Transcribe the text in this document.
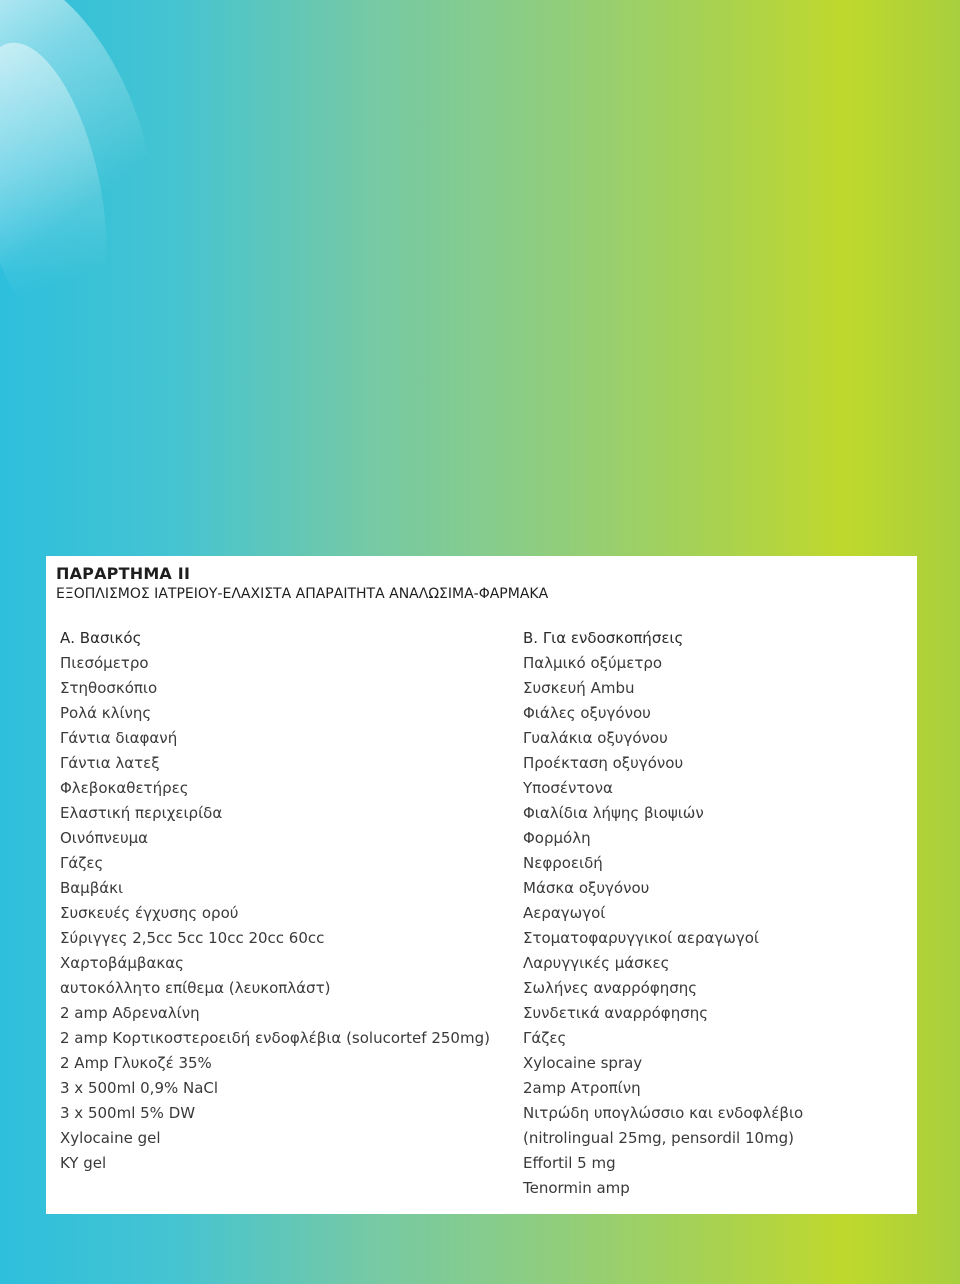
ΠΑΡΑΡΤΗΜΑ ΙΙ
ΕΞΟΠΛΙΣΜΟΣ ΙΑΤΡΕΙΟΥ-ΕΛΑΧΙΣΤΑ ΑΠΑΡΑΙΤΗΤΑ ΑΝΑΛΩΣΙΜΑ-ΦΑΡΜΑΚΑ
Α. Βασικός
Πιεσόμετρο
Στηθοσκόπιο
Ρολά κλίνης
Γάντια διαφανή
Γάντια λατεξ
Φλεβοκαθετήρες
Ελαστική περιχειρίδα
Οινόπνευμα
Γάζες
Βαμβάκι
Συσκευές έγχυσης ορού
Σύριγγες 2,5cc 5cc 10cc 20cc 60cc
Χαρτοβάμβακας
αυτοκόλλητο επίθεμα (λευκοπλάστ)
2 amp Αδρεναλίνη
2 amp Κορτικοστεροειδή ενδοφλέβια (solucortef 250mg)
2 Amp Γλυκοζέ 35%
3 x 500ml 0,9% NaCl
3 x 500ml 5% DW
Xylocaine gel
KY gel
Β. Για ενδοσκοπήσεις
Παλμικό οξύμετρο
Συσκευή Ambu
Φιάλες οξυγόνου
Γυαλάκια οξυγόνου
Προέκταση οξυγόνου
Υποσέντονα
Φιαλίδια λήψης βιοψιών
Φορμόλη
Νεφροειδή
Μάσκα οξυγόνου
Αεραγωγοί
Στοματοφαρυγγικοί αεραγωγοί
Λαρυγγικές μάσκες
Σωλήνες αναρρόφησης
Συνδετικά αναρρόφησης
Γάζες
Xylocaine spray
2amp Ατροπίνη
Νιτρώδη υπογλώσσιο και ενδοφλέβιο
(nitrolingual 25mg, pensordil 10mg)
Effortil 5 mg
Tenormin amp
